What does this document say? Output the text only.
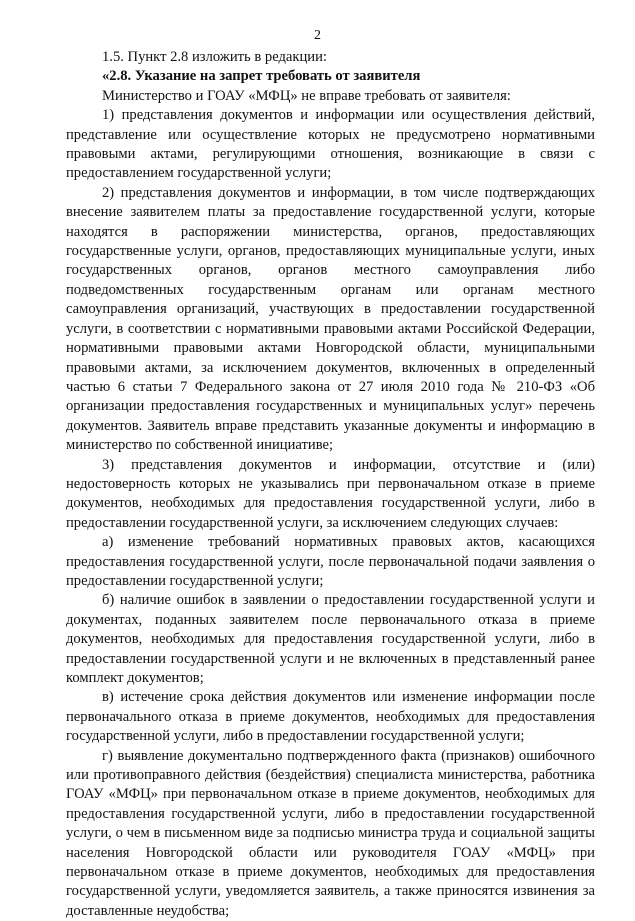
2

1.5. Пункт 2.8 изложить в редакции:

«2.8. Указание на запрет требовать от заявителя

Министерство и ГОАУ «МФЦ» не вправе требовать от заявителя:

1) представления документов и информации или осуществления действий, представление или осуществление которых не предусмотрено нормативными правовыми актами, регулирующими отношения, возникающие в связи с предоставлением государственной услуги;

2) представления документов и информации, в том числе подтверждающих внесение заявителем платы за предоставление государственной услуги, которые находятся в распоряжении министерства, органов, предоставляющих государственные услуги, органов, предоставляющих муниципальные услуги, иных государственных органов, органов местного самоуправления либо подведомственных государственным органам или органам местного самоуправления организаций, участвующих в предоставлении государственной услуги, в соответствии с нормативными правовыми актами Российской Федерации, нормативными правовыми актами Новгородской области, муниципальными правовыми актами, за исключением документов, включенных в определенный частью 6 статьи 7 Федерального закона от 27 июля 2010 года № 210-ФЗ «Об организации предоставления государственных и муниципальных услуг» перечень документов. Заявитель вправе представить указанные документы и информацию в министерство по собственной инициативе;

3) представления документов и информации, отсутствие и (или) недостоверность которых не указывались при первоначальном отказе в приеме документов, необходимых для предоставления государственной услуги, либо в предоставлении государственной услуги, за исключением следующих случаев:

а) изменение требований нормативных правовых актов, касающихся предоставления государственной услуги, после первоначальной подачи заявления о предоставлении государственной услуги;

б) наличие ошибок в заявлении о предоставлении государственной услуги и документах, поданных заявителем после первоначального отказа в приеме документов, необходимых для предоставления государственной услуги, либо в предоставлении государственной услуги и не включенных в представленный ранее комплект документов;

в) истечение срока действия документов или изменение информации после первоначального отказа в приеме документов, необходимых для предоставления государственной услуги, либо в предоставлении государственной услуги;

г) выявление документально подтвержденного факта (признаков) ошибочного или противоправного действия (бездействия) специалиста министерства, работника ГОАУ «МФЦ» при первоначальном отказе в приеме документов, необходимых для предоставления государственной услуги, либо в предоставлении государственной услуги, о чем в письменном виде за подписью министра труда и социальной защиты населения Новгородской области или руководителя ГОАУ «МФЦ» при первоначальном отказе в приеме документов, необходимых для предоставления государственной услуги, уведомляется заявитель, а также приносятся извинения за доставленные неудобства;
